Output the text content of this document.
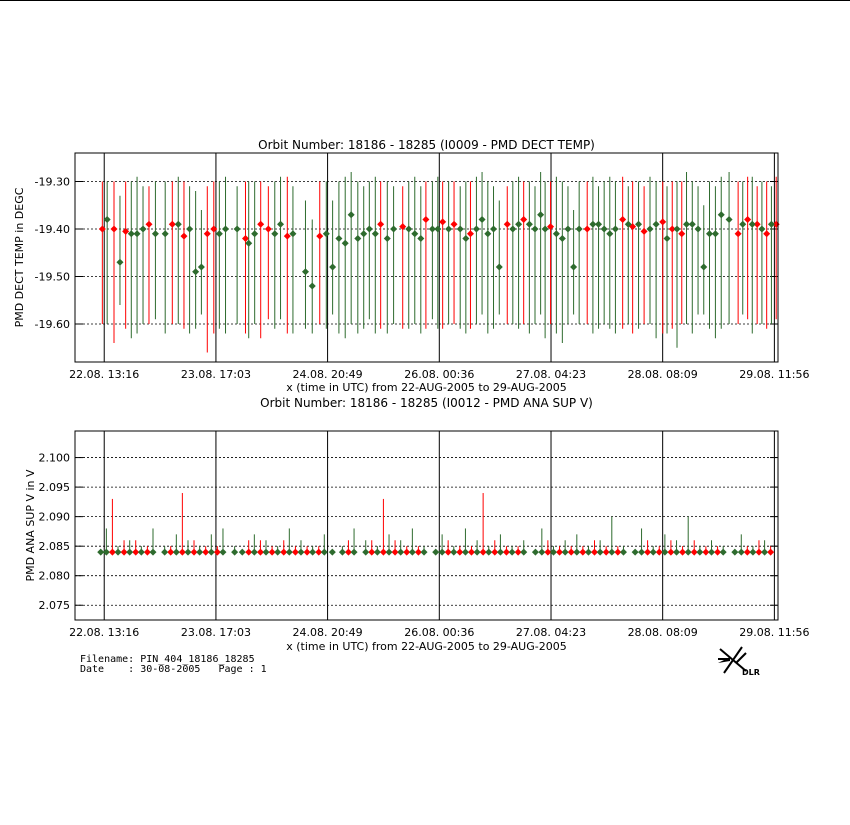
-19.30
-19.40
-19.50
-19.60
22.08. 13:16	23.08. 17:03	24.08. 20:49	26.08. 00:36	27.08. 04:23	28.08. 08:09	29.08. 11:56
Orbit Number: 18186 - 18285 (I0009 - PMD DECT TEMP)
x (time in UTC) from 22-AUG-2005 to 29-AUG-2005
PMD DECT TEMP in DEGC
2.075
2.080
2.085
2.090
2.095
2.100
22.08. 13:16	23.08. 17:03	24.08. 20:49	26.08. 00:36	27.08. 04:23	28.08. 08:09	29.08. 11:56
Orbit Number: 18186 - 18285 (I0012 - PMD ANA SUP V)
x (time in UTC) from 22-AUG-2005 to 29-AUG-2005
PMD ANA SUP V in V
Filename: PIN_404_18186_18285
Date    : 30-08-2005   Page : 1	DLR
